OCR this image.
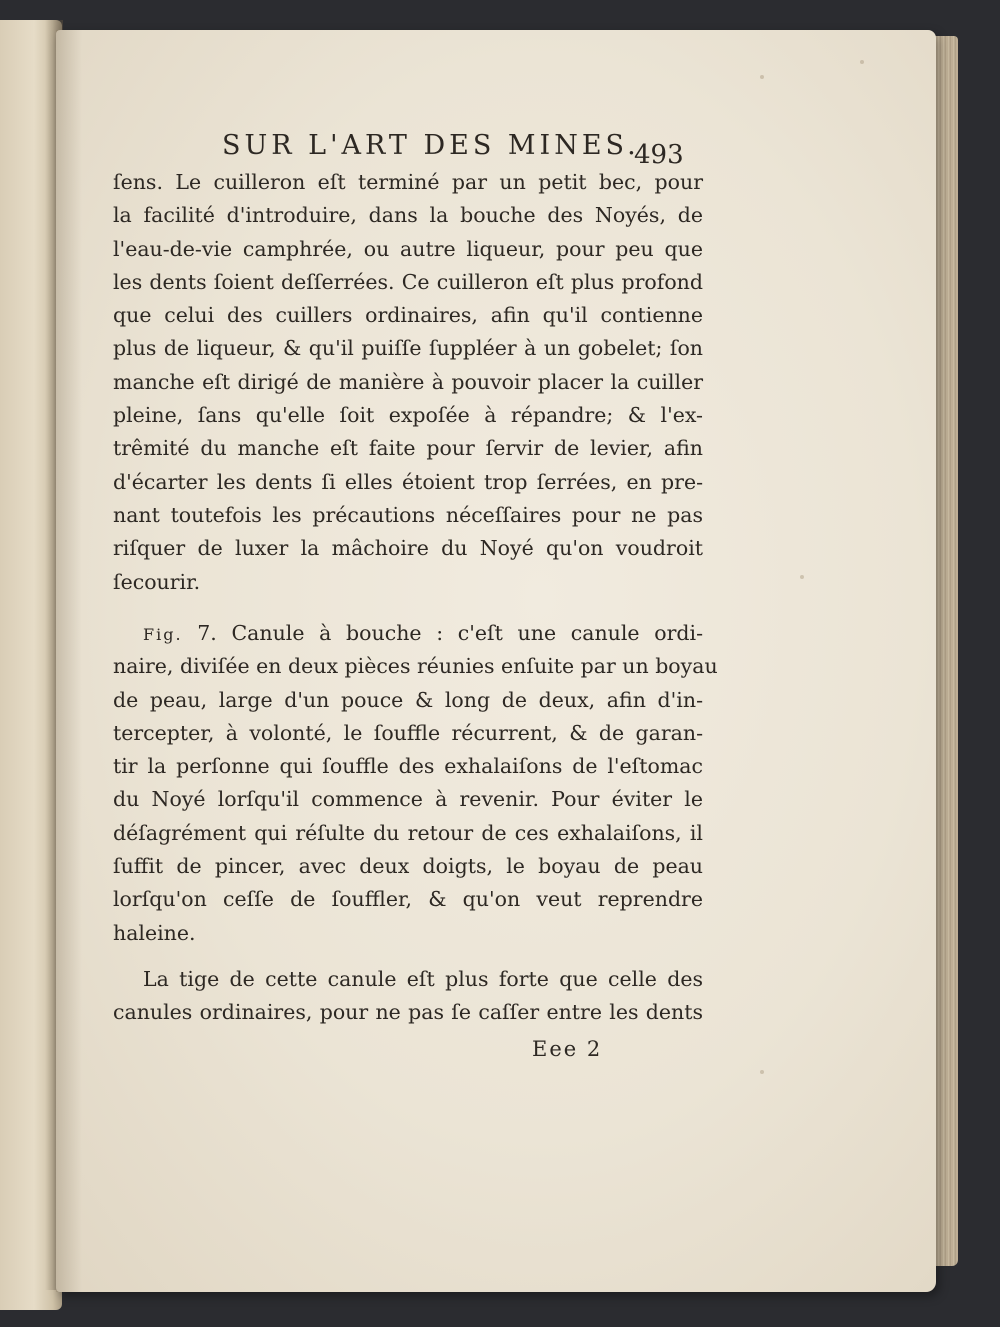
SUR L'ART DES MINES.
493
ſens. Le cuilleron eſt terminé par un petit bec, pour
la facilité d'introduire, dans la bouche des Noyés, de
l'eau-de-vie camphrée, ou autre liqueur, pour peu que
les dents ſoient deſſerrées. Ce cuilleron eſt plus profond
que celui des cuillers ordinaires, afin qu'il contienne
plus de liqueur, & qu'il puiſſe ſuppléer à un gobelet; ſon
manche eſt dirigé de manière à pouvoir placer la cuiller
pleine, ſans qu'elle ſoit expoſée à répandre; & l'ex-
trêmité du manche eſt faite pour ſervir de levier, afin
d'écarter les dents ſi elles étoient trop ſerrées, en pre-
nant toutefois les précautions néceſſaires pour ne pas
riſquer de luxer la mâchoire du Noyé qu'on voudroit
ſecourir.
Fig. 7. Canule à bouche : c'eſt une canule ordi-
naire, diviſée en deux pièces réunies enſuite par un boyau
de peau, large d'un pouce & long de deux, afin d'in-
tercepter, à volonté, le ſouffle récurrent, & de garan-
tir la perſonne qui ſouffle des exhalaiſons de l'eſtomac
du Noyé lorſqu'il commence à revenir. Pour éviter le
déſagrément qui réſulte du retour de ces exhalaiſons, il
ſuffit de pincer, avec deux doigts, le boyau de peau
lorſqu'on ceſſe de ſouffler, & qu'on veut reprendre
haleine.
La tige de cette canule eſt plus forte que celle des
canules ordinaires, pour ne pas ſe caſſer entre les dents
Eee 2
